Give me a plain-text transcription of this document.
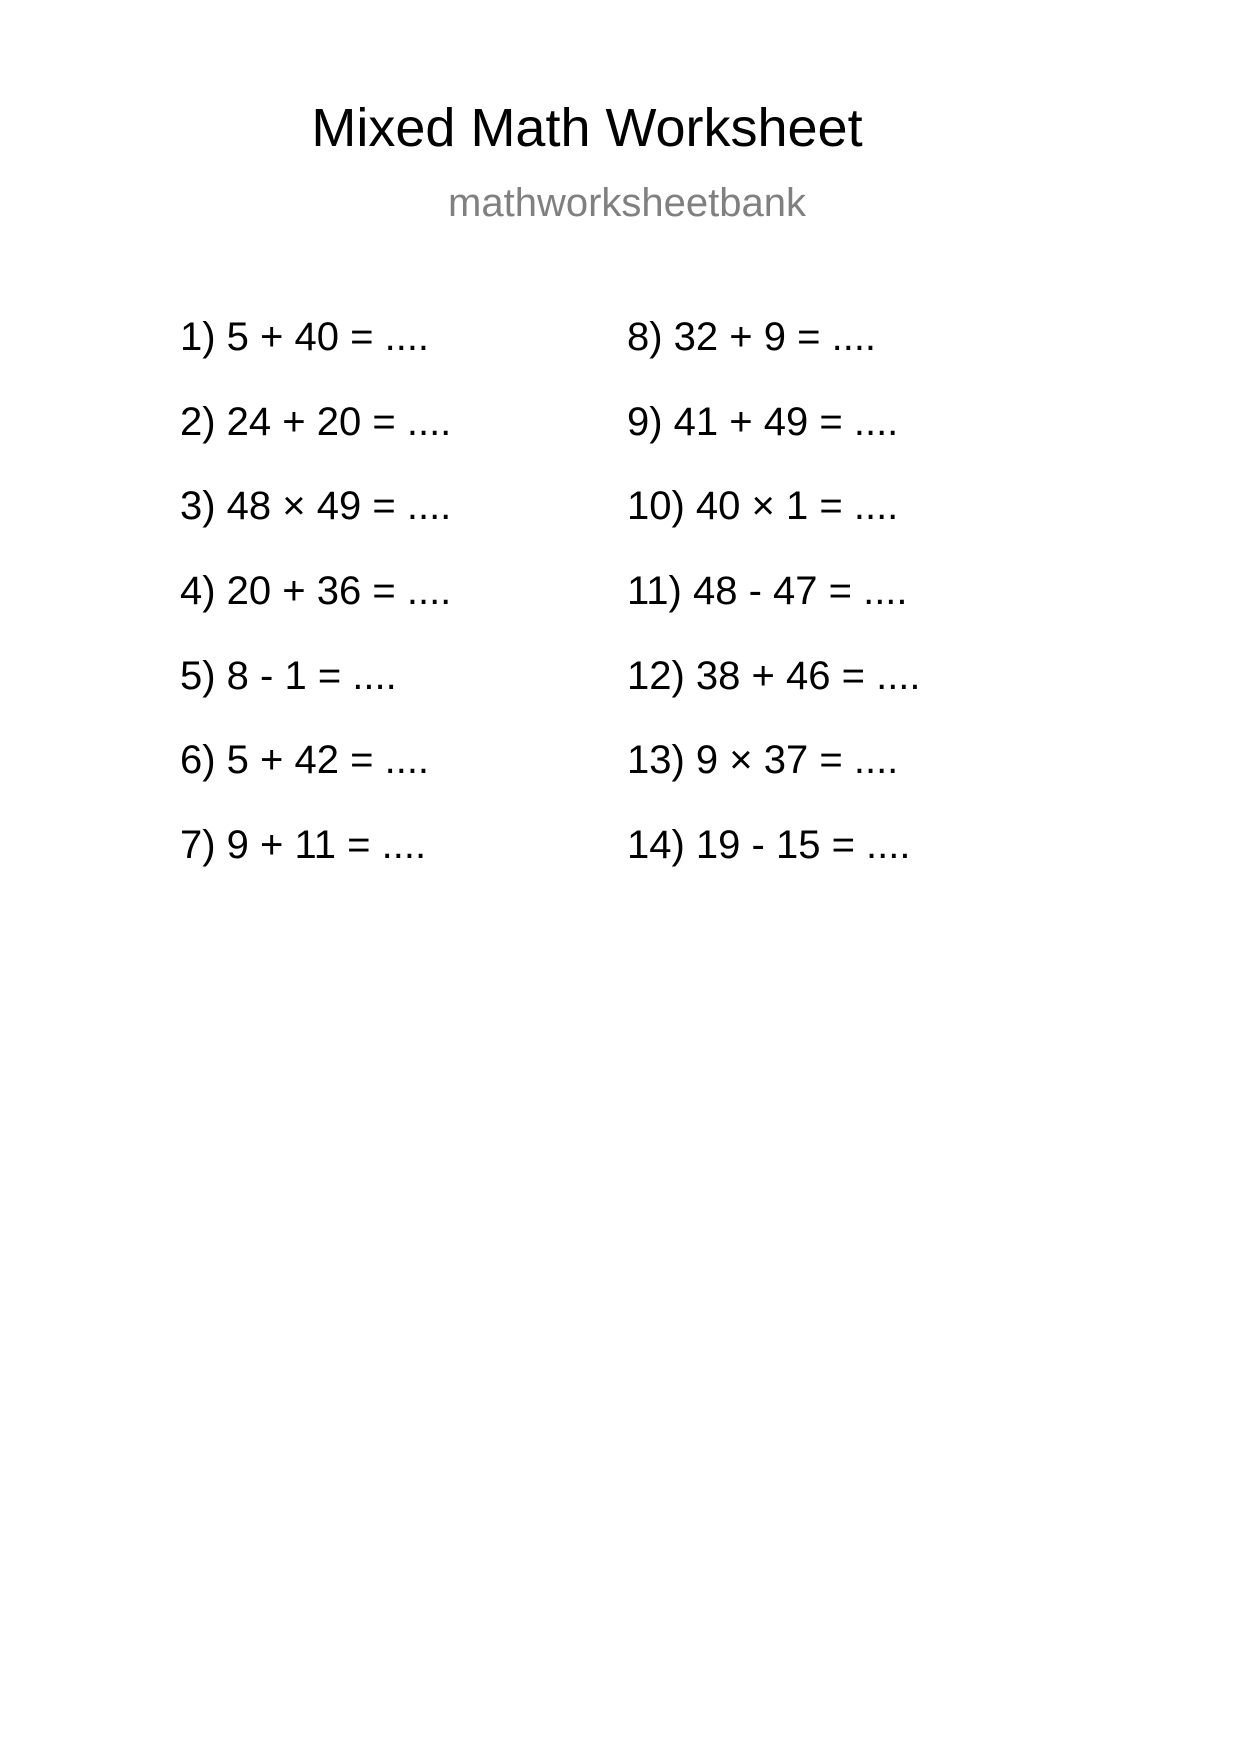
Mixed Math Worksheet
mathworksheetbank
1) 5 + 40 = ....
2) 24 + 20 = ....
3) 48 × 49 = ....
4) 20 + 36 = ....
5) 8 - 1 = ....
6) 5 + 42 = ....
7) 9 + 11 = ....
8) 32 + 9 = ....
9) 41 + 49 = ....
10) 40 × 1 = ....
11) 48 - 47 = ....
12) 38 + 46 = ....
13) 9 × 37 = ....
14) 19 - 15 = ....
